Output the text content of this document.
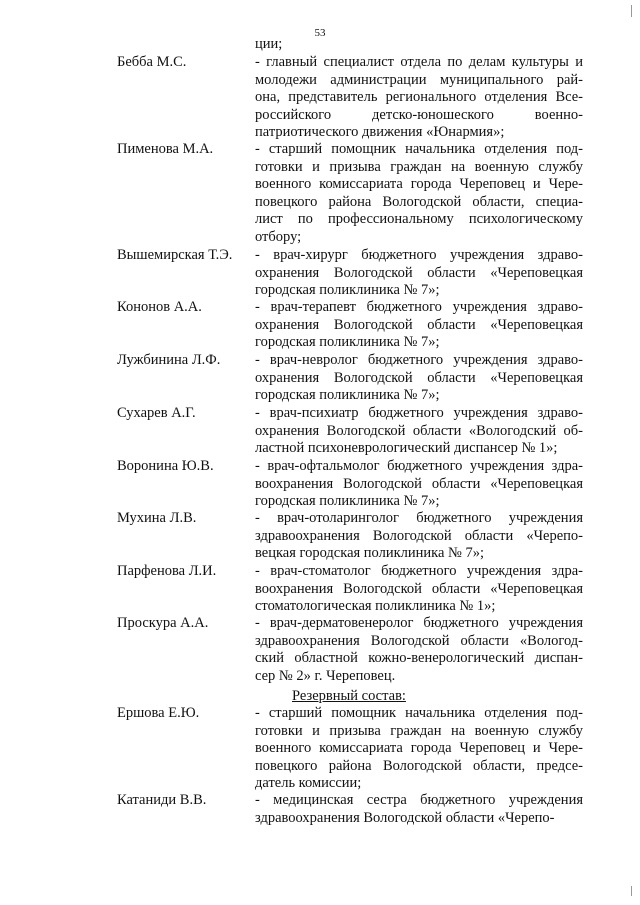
53
ции;
Бебба М.С.	- главный специалист отдела по делам культуры и
молодежи администрации муниципального рай-
она, представитель регионального отделения Все-
российского детско-юношеского военно-
патриотического движения «Юнармия»;
Пименова М.А.	- старший помощник начальника отделения под-
готовки и призыва граждан на военную службу
военного комиссариата города Череповец и Чере-
повецкого района Вологодской области, специа-
лист по профессиональному психологическому
отбору;
Вышемирская Т.Э.	- врач-хирург бюджетного учреждения здраво-
охранения Вологодской области «Череповецкая
городская поликлиника № 7»;
Кононов А.А.	- врач-терапевт бюджетного учреждения здраво-
охранения Вологодской области «Череповецкая
городская поликлиника № 7»;
Лужбинина Л.Ф.	- врач-невролог бюджетного учреждения здраво-
охранения Вологодской области «Череповецкая
городская поликлиника № 7»;
Сухарев А.Г.	- врач-психиатр бюджетного учреждения здраво-
охранения Вологодской области «Вологодский об-
ластной психоневрологический диспансер № 1»;
Воронина Ю.В.	- врач-офтальмолог бюджетного учреждения здра-
воохранения Вологодской области «Череповецкая
городская поликлиника № 7»;
Мухина Л.В.	- врач-отоларинголог бюджетного учреждения
здравоохранения Вологодской области «Черепо-
вецкая городская поликлиника № 7»;
Парфенова Л.И.	- врач-стоматолог бюджетного учреждения здра-
воохранения Вологодской области «Череповецкая
стоматологическая поликлиника № 1»;
Проскура А.А.	- врач-дерматовенеролог бюджетного учреждения
здравоохранения Вологодской области «Вологод-
ский областной кожно-венерологический диспан-
сер № 2» г. Череповец.
Резервный состав:
Ершова Е.Ю.	- старший помощник начальника отделения под-
готовки и призыва граждан на военную службу
военного комиссариата города Череповец и Чере-
повецкого района Вологодской области, предсе-
датель комиссии;
Катаниди В.В.	- медицинская сестра бюджетного учреждения
здравоохранения Вологодской области «Черепо-
